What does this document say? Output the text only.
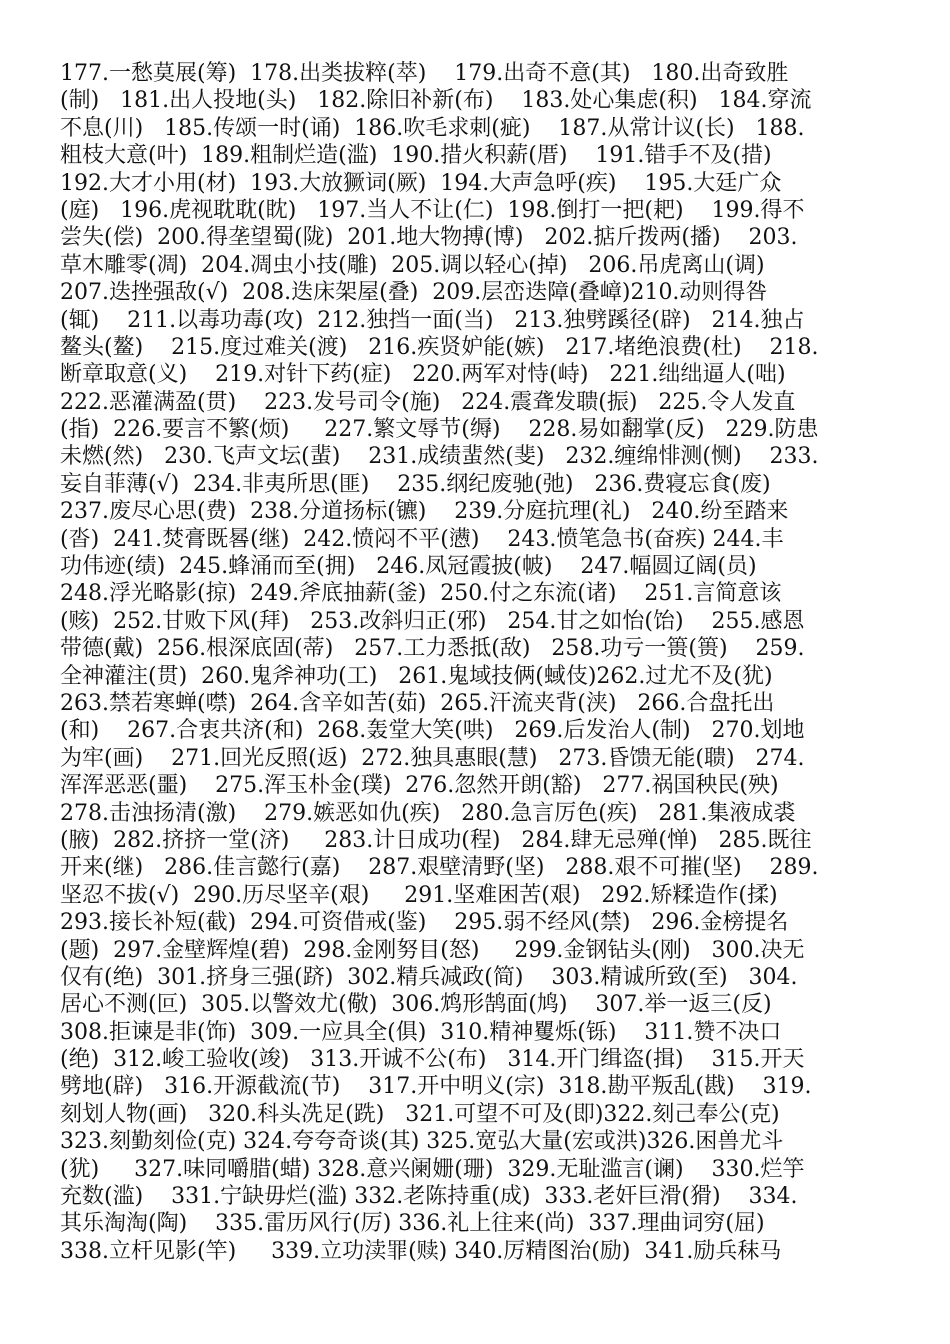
177.一愁莫展(筹)  178.出类拔粹(萃)    179.出奇不意(其)   180.出奇致胜
(制)   181.出人投地(头)   182.除旧补新(布)    183.处心集虑(积)   184.穿流
不息(川)   185.传颂一时(诵)  186.吹毛求刺(疵)    187.从常计议(长)   188.
粗枝大意(叶)  189.粗制烂造(滥)  190.措火积薪(厝)    191.错手不及(措)
192.大才小用(材)  193.大放獗词(厥)  194.大声急呼(疾)    195.大廷广众
(庭)   196.虎视耽耽(眈)   197.当人不让(仁)  198.倒打一把(耙)    199.得不
尝失(偿)  200.得垄望蜀(陇)  201.地大物搏(博)   202.掂斤拨两(播)    203.
草木雕零(凋)  204.凋虫小技(雕)  205.调以轻心(掉)   206.吊虎离山(调)
207.迭挫强敌(√)  208.迭床架屋(叠)  209.层峦迭障(叠嶂)210.动则得咎
(辄)    211.以毒功毒(攻)  212.独挡一面(当)   213.独劈蹊径(辟)   214.独占
鳌头(鳌)    215.度过难关(渡)   216.疾贤妒能(嫉)   217.堵绝浪费(杜)    218.
断章取意(义)    219.对针下药(症)   220.两军对恃(峙)   221.绌绌逼人(咄)
222.恶灌满盈(贯)    223.发号司令(施)   224.震聋发聩(振)   225.令人发直
(指)  226.要言不繁(烦)     227.繁文辱节(缛)    228.易如翻掌(反)   229.防患
未燃(然)   230.飞声文坛(蜚)    231.成绩蜚然(斐)   232.缠绵悱测(恻)    233.
妄自菲薄(√)  234.非夷所思(匪)    235.纲纪废驰(弛)   236.费寝忘食(废)
237.废尽心思(费)  238.分道扬标(镳)    239.分庭抗理(礼)   240.纷至踏来
(沓)  241.焚膏既晷(继)  242.愤闷不平(懑)    243.愤笔急书(奋疾) 244.丰
功伟迹(绩)  245.蜂涌而至(拥)   246.凤冠霞披(帔)    247.幅圆辽阔(员)
248.浮光略影(掠)  249.斧底抽薪(釜)  250.付之东流(诸)    251.言简意该
(赅)  252.甘败下风(拜)   253.改斜归正(邪)   254.甘之如怡(饴)    255.感恩
带德(戴)  256.根深底固(蒂)   257.工力悉抵(敌)   258.功亏一篑(篑)    259.
全神灌注(贯)  260.鬼斧神功(工)   261.鬼域技俩(蜮伎)262.过尤不及(犹)
263.禁若寒蝉(噤)  264.含辛如苦(茹)  265.汗流夹背(浃)   266.合盘托出
(和)    267.合衷共济(和)  268.轰堂大笑(哄)   269.后发治人(制)   270.划地
为牢(画)    271.回光反照(返)  272.独具惠眼(慧)   273.昏馈无能(聩)   274.
浑浑恶恶(噩)    275.浑玉朴金(璞)  276.忽然开朗(豁)   277.祸国秧民(殃)
278.击浊扬清(激)    279.嫉恶如仇(疾)   280.急言厉色(疾)   281.集液成裘
(腋)  282.挤挤一堂(济)     283.计日成功(程)   284.肆无忌殚(惮)   285.既往
开来(继)   286.佳言懿行(嘉)    287.艰壁清野(坚)   288.艰不可摧(坚)    289.
坚忍不拔(√)  290.历尽坚辛(艰)     291.坚难困苦(艰)   292.矫糅造作(揉)
293.接长补短(截)  294.可资借戒(鉴)    295.弱不经风(禁)   296.金榜提名
(题)  297.金壁辉煌(碧)  298.金刚努目(怒)     299.金钢钻头(刚)   300.决无
仅有(绝)  301.挤身三强(跻)  302.精兵减政(简)    303.精诚所致(至)   304.
居心不测(叵)  305.以警效尤(儆)  306.鸩形鹄面(鸠)    307.举一返三(反)
308.拒谏是非(饰)  309.一应具全(俱)  310.精神矍烁(铄)    311.赞不决口
(绝)  312.峻工验收(竣)   313.开诚不公(布)   314.开门缉盗(揖)    315.开天
劈地(辟)   316.开源截流(节)    317.开中明义(宗)  318.勘平叛乱(戡)    319.
刻划人物(画)   320.科头冼足(跣)   321.可望不可及(即)322.刻己奉公(克)
323.刻勤刻俭(克) 324.夸夸奇谈(其) 325.宽弘大量(宏或洪)326.困兽尤斗
(犹)     327.味同嚼腊(蜡) 328.意兴阑姗(珊)  329.无耻滥言(谰)    330.烂竽
充数(滥)    331.宁缺毋烂(滥) 332.老陈持重(成)  333.老奸巨滑(猾)    334.
其乐淘淘(陶)    335.雷历风行(厉) 336.礼上往来(尚)  337.理曲词穷(屈)
338.立杆见影(竿)     339.立功渎罪(赎) 340.厉精图治(励)  341.励兵秣马
